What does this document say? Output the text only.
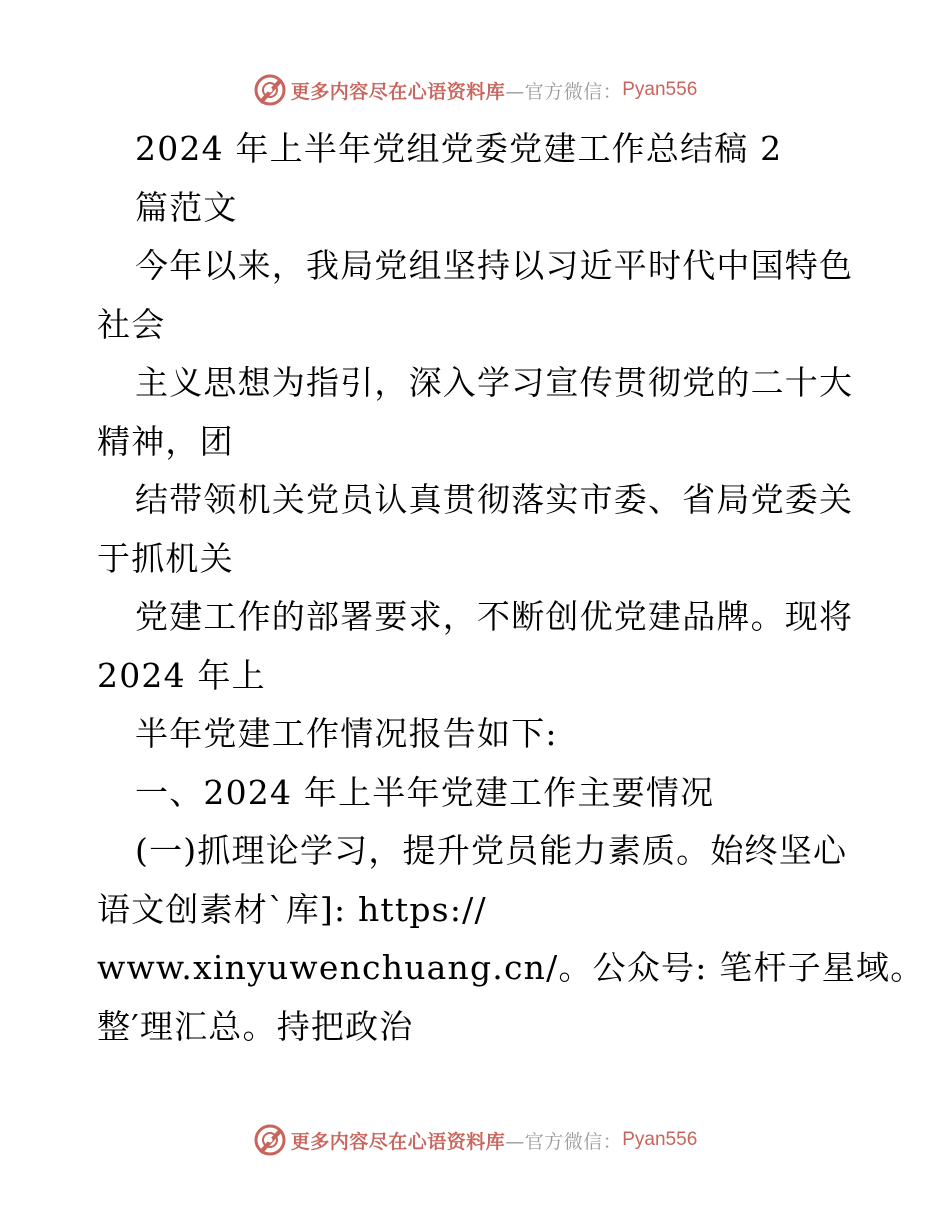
更多内容尽在心语资料库 —官方微信： Pyan556
2024 年上半年党组党委党建工作总结稿 2
篇范文
今年以来，我局党组坚持以习近平时代中国特色
社会
主义思想为指引，深入学习宣传贯彻党的二十大
精神，团
结带领机关党员认真贯彻落实市委、省局党委关
于抓机关
党建工作的部署要求，不断创优党建品牌。现将
2024 年上
半年党建工作情况报告如下:
一、2024 年上半年党建工作主要情况
(一)抓理论学习，提升党员能力素质。始终坚心
语文创素材`库]: https://
www.xinyuwenchuang.cn/。公众号: 笔杆子星域。
整′理汇总。持把政治
更多内容尽在心语资料库 —官方微信： Pyan556
